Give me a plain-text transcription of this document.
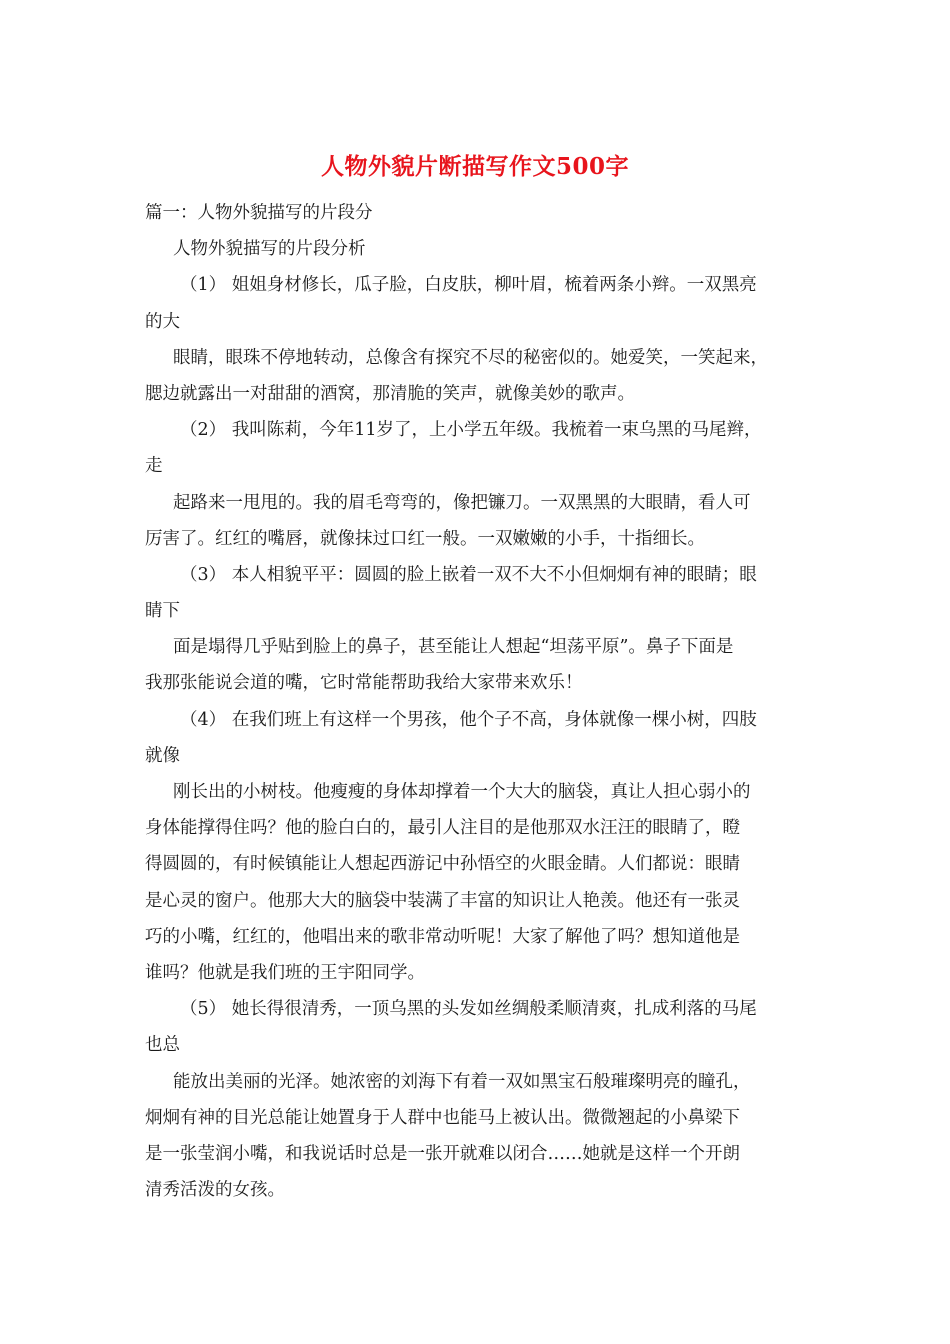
人物外貌片断描写作文500字
篇一：人物外貌描写的片段分
人物外貌描写的片段分析
（1） 姐姐身材修长，瓜子脸，白皮肤，柳叶眉，梳着两条小辫。一双黑亮
的大
眼睛，眼珠不停地转动，总像含有探究不尽的秘密似的。她爱笑，一笑起来，
腮边就露出一对甜甜的酒窝，那清脆的笑声，就像美妙的歌声。
（2） 我叫陈莉，今年11岁了，上小学五年级。我梳着一束乌黑的马尾辫，
走
起路来一甩甩的。我的眉毛弯弯的，像把镰刀。一双黑黑的大眼睛，看人可
厉害了。红红的嘴唇，就像抹过口红一般。一双嫩嫩的小手，十指细长。
（3） 本人相貌平平：圆圆的脸上嵌着一双不大不小但炯炯有神的眼睛；眼
睛下
面是塌得几乎贴到脸上的鼻子，甚至能让人想起“坦荡平原”。鼻子下面是
我那张能说会道的嘴，它时常能帮助我给大家带来欢乐！
（4） 在我们班上有这样一个男孩，他个子不高，身体就像一棵小树，四肢
就像
刚长出的小树枝。他瘦瘦的身体却撑着一个大大的脑袋，真让人担心弱小的
身体能撑得住吗？他的脸白白的，最引人注目的是他那双水汪汪的眼睛了，瞪
得圆圆的，有时候镇能让人想起西游记中孙悟空的火眼金睛。人们都说：眼睛
是心灵的窗户。他那大大的脑袋中装满了丰富的知识让人艳羡。他还有一张灵
巧的小嘴，红红的，他唱出来的歌非常动听呢！大家了解他了吗？想知道他是
谁吗？他就是我们班的王宇阳同学。
（5） 她长得很清秀，一顶乌黑的头发如丝绸般柔顺清爽，扎成利落的马尾
也总
能放出美丽的光泽。她浓密的刘海下有着一双如黑宝石般璀璨明亮的瞳孔，
炯炯有神的目光总能让她置身于人群中也能马上被认出。微微翘起的小鼻梁下
是一张莹润小嘴，和我说话时总是一张开就难以闭合……她就是这样一个开朗
清秀活泼的女孩。
